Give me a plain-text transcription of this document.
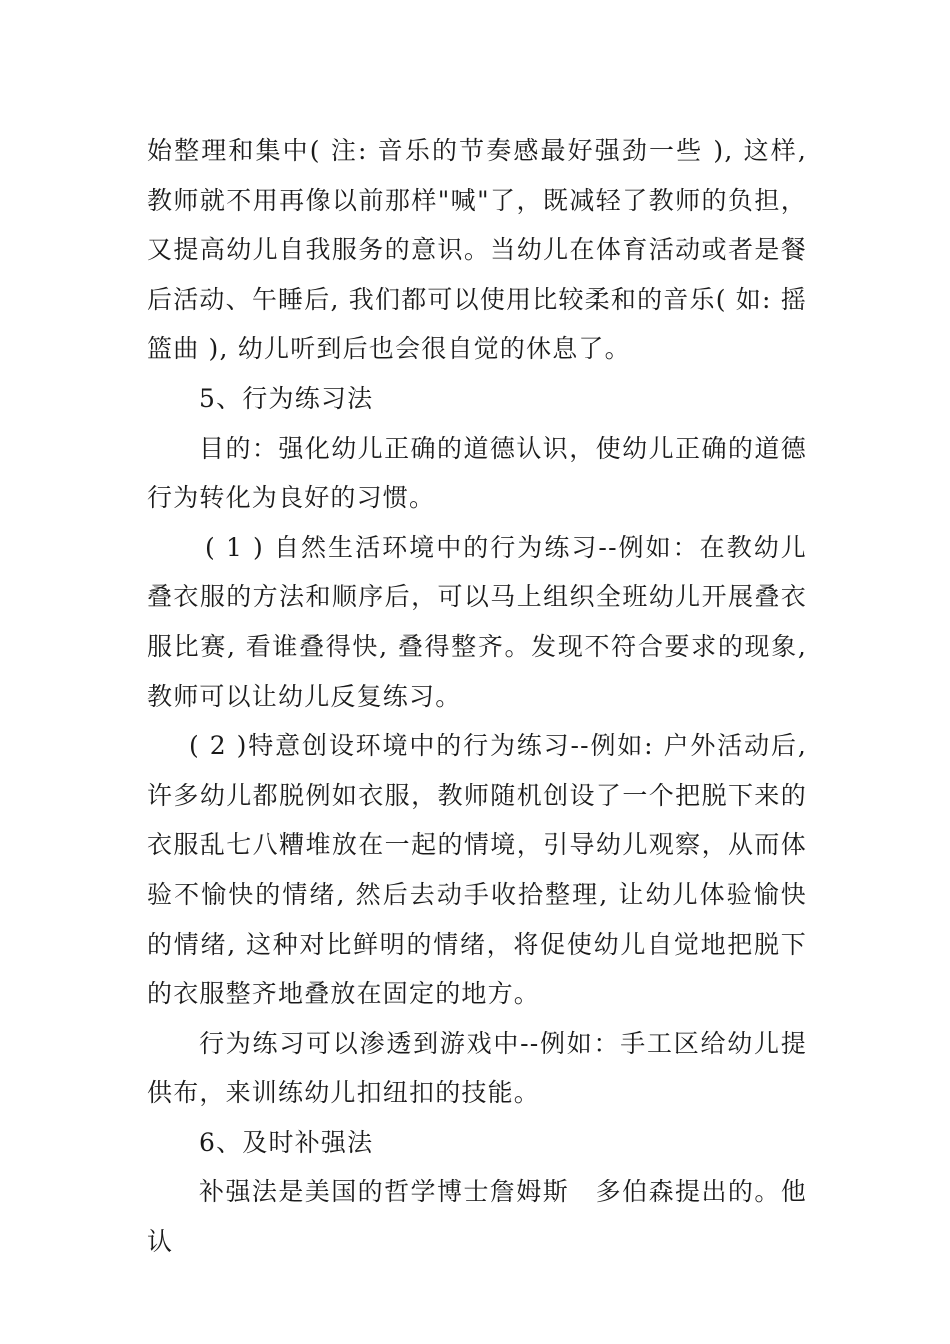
始整理和集中( 注: 音乐的节奏感最好强劲一些 ), 这样, 教师就不用再像以前那样"喊"了，既减轻了教师的负担，又提高幼儿自我服务的意识。当幼儿在体育活动或者是餐后活动、午睡后, 我们都可以使用比较柔和的音乐( 如: 摇篮曲 ), 幼儿听到后也会很自觉的休息了。

5、行为练习法

目的：强化幼儿正确的道德认识，使幼儿正确的道德行为转化为良好的习惯。

( 1 ) 自然生活环境中的行为练习--例如：在教幼儿叠衣服的方法和顺序后，可以马上组织全班幼儿开展叠衣服比赛, 看谁叠得快, 叠得整齐。发现不符合要求的现象, 教师可以让幼儿反复练习。

( 2 )特意创设环境中的行为练习--例如: 户外活动后, 许多幼儿都脱例如衣服，教师随机创设了一个把脱下来的衣服乱七八糟堆放在一起的情境，引导幼儿观察，从而体验不愉快的情绪, 然后去动手收拾整理, 让幼儿体验愉快的情绪, 这种对比鲜明的情绪，将促使幼儿自觉地把脱下的衣服整齐地叠放在固定的地方。

行为练习可以渗透到游戏中--例如：手工区给幼儿提供布，来训练幼儿扣纽扣的技能。

6、及时补强法

补强法是美国的哲学博士詹姆斯　多伯森提出的。他认
